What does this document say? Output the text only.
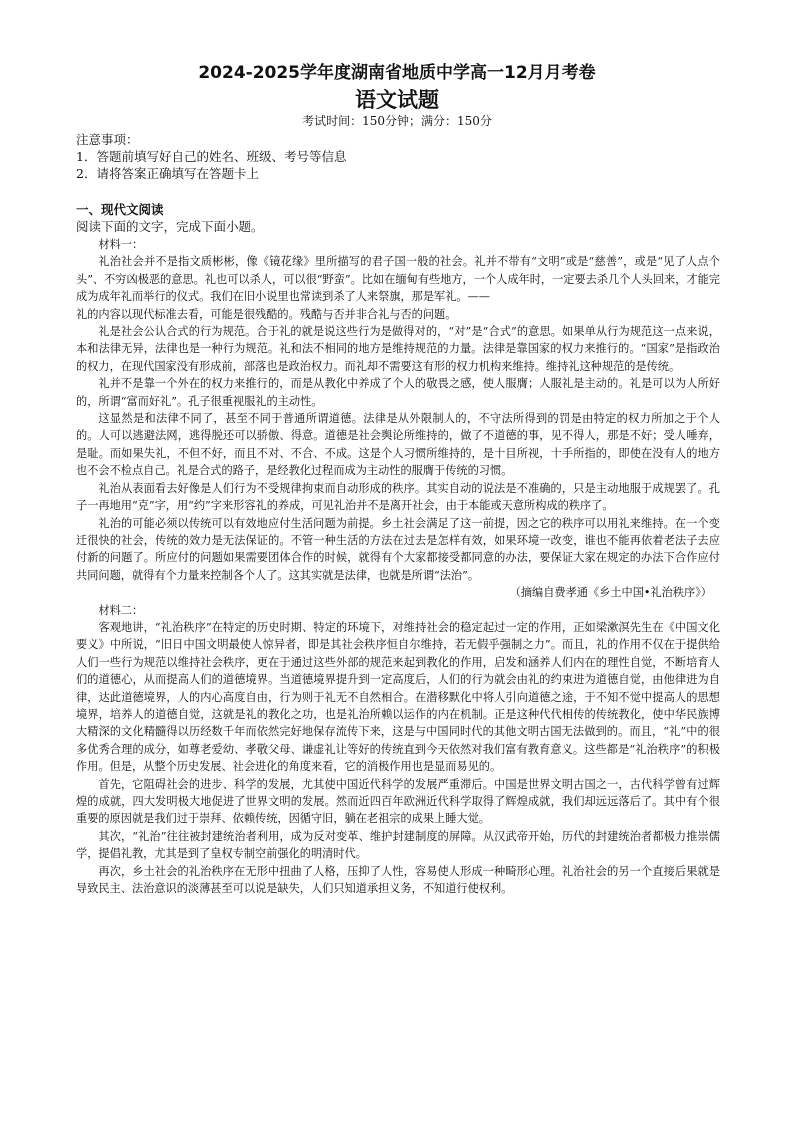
2024-2025学年度湖南省地质中学高一12月月考卷
语文试题
考试时间：150分钟；满分：150分
注意事项：
1．答题前填写好自己的姓名、班级、考号等信息
2．请将答案正确填写在答题卡上
一、现代文阅读
阅读下面的文字，完成下面小题。

材料一：

礼治社会并不是指文质彬彬，像《镜花缘》里所描写的君子国一般的社会。礼并不带有“文明”或是“慈善”，或是“见了人点个头”、不穷凶极恶的意思。礼也可以杀人，可以很“野蛮”。比如在缅甸有些地方，一个人成年时，一定要去杀几个人头回来，才能完成为成年礼而举行的仪式。我们在旧小说里也常读到杀了人来祭旗，那是军礼。——

礼的内容以现代标准去看，可能是很残酷的。残酷与否并非合礼与否的问题。

礼是社会公认合式的行为规范。合于礼的就是说这些行为是做得对的，“对”是“合式”的意思。如果单从行为规范这一点来说，本和法律无异，法律也是一种行为规范。礼和法不相同的地方是维持规范的力量。法律是靠国家的权力来推行的。“国家”是指政治的权力，在现代国家没有形成前，部落也是政治权力。而礼却不需要这有形的权力机构来维持。维持礼这种规范的是传统。

礼并不是靠一个外在的权力来推行的，而是从教化中养成了个人的敬畏之感，使人服膺；人服礼是主动的。礼是可以为人所好的，所谓“富而好礼”。孔子很重视服礼的主动性。

这显然是和法律不同了，甚至不同于普通所谓道德。法律是从外限制人的，不守法所得到的罚是由特定的权力所加之于个人的。人可以逃避法网，逃得脱还可以骄傲、得意。道德是社会舆论所维持的，做了不道德的事，见不得人，那是不好；受人唾弃，是耻。而如果失礼，不但不好，而且不对、不合、不成。这是个人习惯所维持的，是十目所视，十手所指的，即使在没有人的地方也不会不检点自己。礼是合式的路子，是经教化过程而成为主动性的服膺于传统的习惯。

礼治从表面看去好像是人们行为不受规律拘束而自动形成的秩序。其实自动的说法是不准确的，只是主动地服于成规罢了。孔子一再地用“克”字，用“约”字来形容礼的养成，可见礼治并不是离开社会，由于本能或天意所构成的秩序了。

礼治的可能必须以传统可以有效地应付生活问题为前提。乡土社会满足了这一前提，因之它的秩序可以用礼来维持。在一个变迁很快的社会，传统的效力是无法保证的。不管一种生活的方法在过去是怎样有效，如果环境一改变，谁也不能再依着老法子去应付新的问题了。所应付的问题如果需要团体合作的时候，就得有个大家都接受都同意的办法，要保证大家在规定的办法下合作应付共同问题，就得有个力量来控制各个人了。这其实就是法律，也就是所谓“法治”。

（摘编自费孝通《乡土中国•礼治秩序》）

材料二：

客观地讲，“礼治秩序”在特定的历史时期、特定的环境下，对维持社会的稳定起过一定的作用，正如梁漱溟先生在《中国文化要义》中所说，“旧日中国文明最使人惊异者，即是其社会秩序恒自尔维持，若无假乎强制之力”。而且，礼的作用不仅在于提供给人们一些行为规范以维持社会秩序，更在于通过这些外部的规范来起到教化的作用，启发和涵养人们内在的理性自觉，不断培育人们的道德心，从而提高人们的道德境界。当道德境界提升到一定高度后，人们的行为就会由礼的约束进为道德自觉，由他律进为自律，达此道德境界，人的内心高度自由，行为则于礼无不自然相合。在潜移默化中将人引向道德之途，于不知不觉中提高人的思想境界，培养人的道德自觉，这就是礼的教化之功，也是礼治所赖以运作的内在机制。正是这种代代相传的传统教化，使中华民族博大精深的文化精髓得以历经数千年而依然完好地保存流传下来，这是与中国同时代的其他文明古国无法做到的。而且，“礼”中的很多优秀合理的成分，如尊老爱幼、孝敬父母、谦虚礼让等好的传统直到今天依然对我们富有教育意义。这些都是“礼治秩序”的积极作用。但是，从整个历史发展、社会进化的角度来看，它的消极作用也是显而易见的。

首先，它阻碍社会的进步、科学的发展，尤其使中国近代科学的发展严重滞后。中国是世界文明古国之一，古代科学曾有过辉煌的成就，四大发明极大地促进了世界文明的发展。然而近四百年欧洲近代科学取得了辉煌成就，我们却远远落后了。其中有个很重要的原因就是我们过于崇拜、依赖传统，因循守旧，躺在老祖宗的成果上睡大觉。

其次，“礼治”往往被封建统治者利用，成为反对变革、维护封建制度的屏障。从汉武帝开始，历代的封建统治者都极力推崇儒学，提倡礼教，尤其是到了皇权专制空前强化的明清时代。

再次，乡土社会的礼治秩序在无形中扭曲了人格，压抑了人性，容易使人形成一种畸形心理。礼治社会的另一个直接后果就是导致民主、法治意识的淡薄甚至可以说是缺失，人们只知道承担义务，不知道行使权利。
